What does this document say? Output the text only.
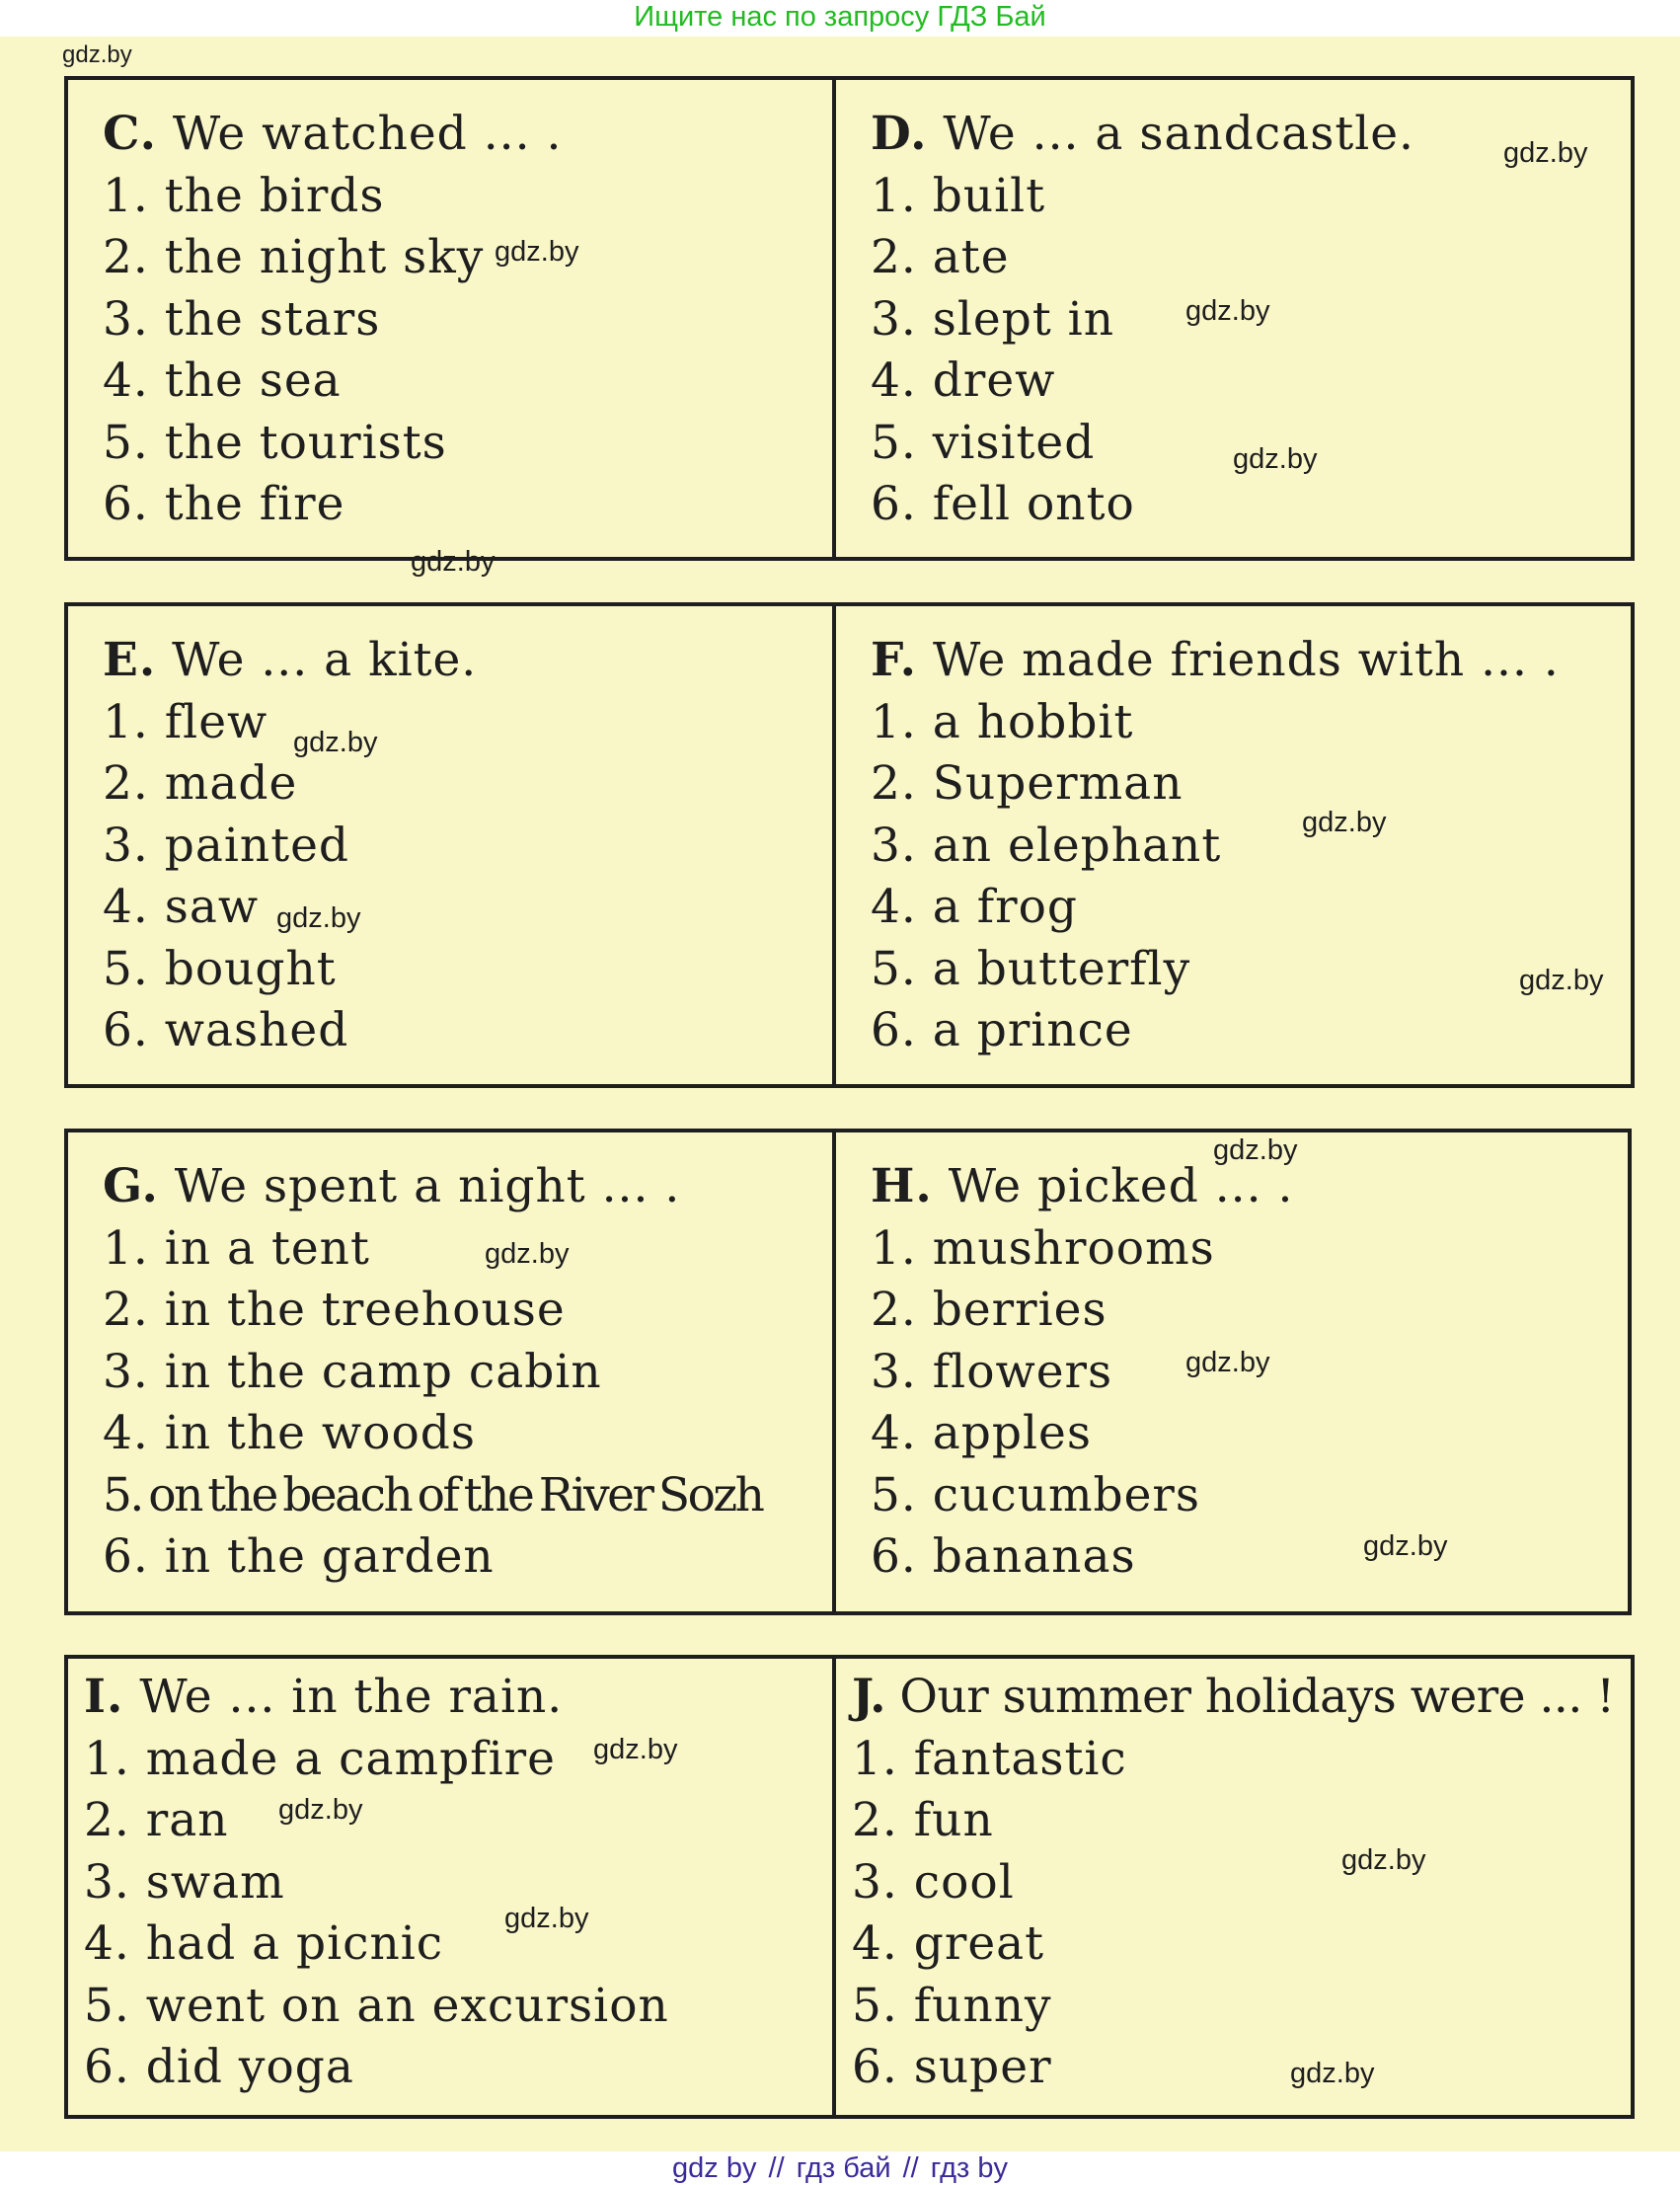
Ищите нас по запросу ГДЗ Бай
gdz.by
C. We watched ... .
1. the birds
2. the night sky
3. the stars
4. the sea
5. the tourists
6. the fire
gdz.by
gdz.by
D. We ... a sandcastle.
1. built
2. ate
3. slept in
4. drew
5. visited
6. fell onto
gdz.by
gdz.by
gdz.by
E. We ... a kite.
1. flew
2. made
3. painted
4. saw
5. bought
6. washed
gdz.by
gdz.by
F. We made friends with ... .
1. a hobbit
2. Superman
3. an elephant
4. a frog
5. a butterfly
6. a prince
gdz.by
gdz.by
G. We spent a night ... .
1. in a tent
2. in the treehouse
3. in the camp cabin
4. in the woods
5. on the beach of the River Sozh
6. in the garden
gdz.by
H. We picked ... .
1. mushrooms
2. berries
3. flowers
4. apples
5. cucumbers
6. bananas
gdz.by
gdz.by
gdz.by
I. We ... in the rain.
1. made a campfire
2. ran
3. swam
4. had a picnic
5. went on an excursion
6. did yoga
gdz.by
gdz.by
gdz.by
J. Our summer holidays were ... !
1. fantastic
2. fun
3. cool
4. great
5. funny
6. super
gdz.by
gdz.by
gdz by // гдз бай // гдз by
